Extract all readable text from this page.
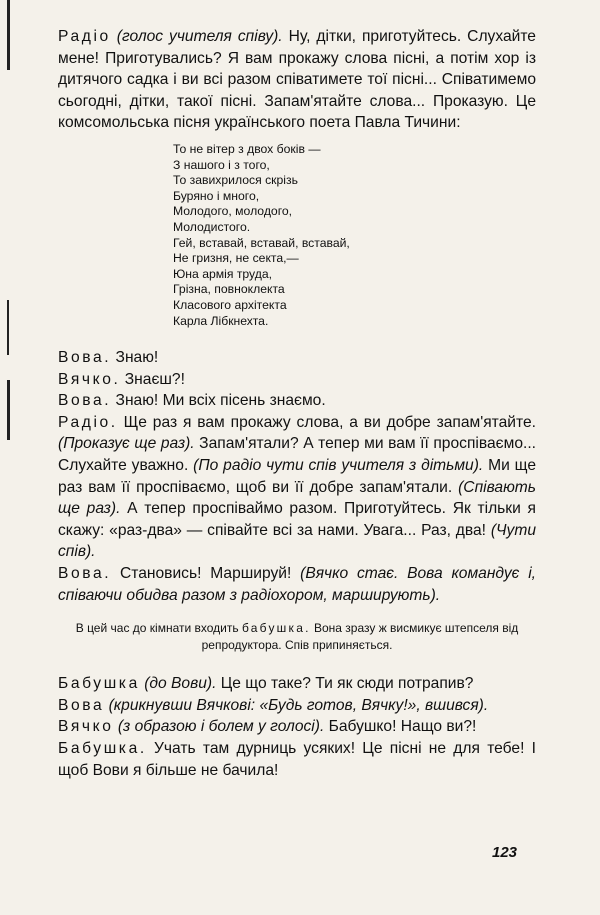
Радіо (голос учителя співу). Ну, дітки, приготуйтесь. Слухайте мене! Приготувались? Я вам прокажу слова пісні, а потім хор із дитячого садка і ви всі разом співатимете тої пісні... Співатимемо сьогодні, дітки, такої пісні. Запам'ятайте слова... Проказую. Це комсомольська пісня українського поета Павла Тичини:

То не вітер з двох боків —
З нашого і з того,
То завихрилося скрізь
Буряно і много,
Молодого, молодого,
Молодистого.
Гей, вставай, вставай, вставай,
Не гризня, не секта,—
Юна армія труда,
Грізна, повноклекта
Класового архітекта
Карла Лібкнехта.

Вова. Знаю!

Вячко. Знаєш?!

Вова. Знаю! Ми всіх пісень знаємо.

Радіо. Ще раз я вам прокажу слова, а ви добре запам'ятайте. (Проказує ще раз). Запам'ятали? А тепер ми вам її проспіваємо... Слухайте уважно. (По радіо чути спів учителя з дітьми). Ми ще раз вам її проспіваємо, щоб ви її добре запам'ятали. (Співають ще раз). А тепер проспіваймо разом. Приготуйтесь. Як тільки я скажу: «раз-два» — співайте всі за нами. Увага... Раз, два! (Чути спів).

Вова. Становись! Маршируй! (Вячко стає. Вова командує і, співаючи обидва разом з радіохором, марширують).

В цей час до кімнати входить бабушка. Вона зразу ж висмикує штепселя від репродуктора. Спів припиняється.

Бабушка (до Вови). Це що таке? Ти як сюди потрапив?

Вова (крикнувши Вячкові: «Будь готов, Вячку!», вшився).

Вячко (з образою і болем у голосі). Бабушко! Нащо ви?!

Бабушка. Учать там дурниць усяких! Це пісні не для тебе! І щоб Вови я більше не бачила!

123
